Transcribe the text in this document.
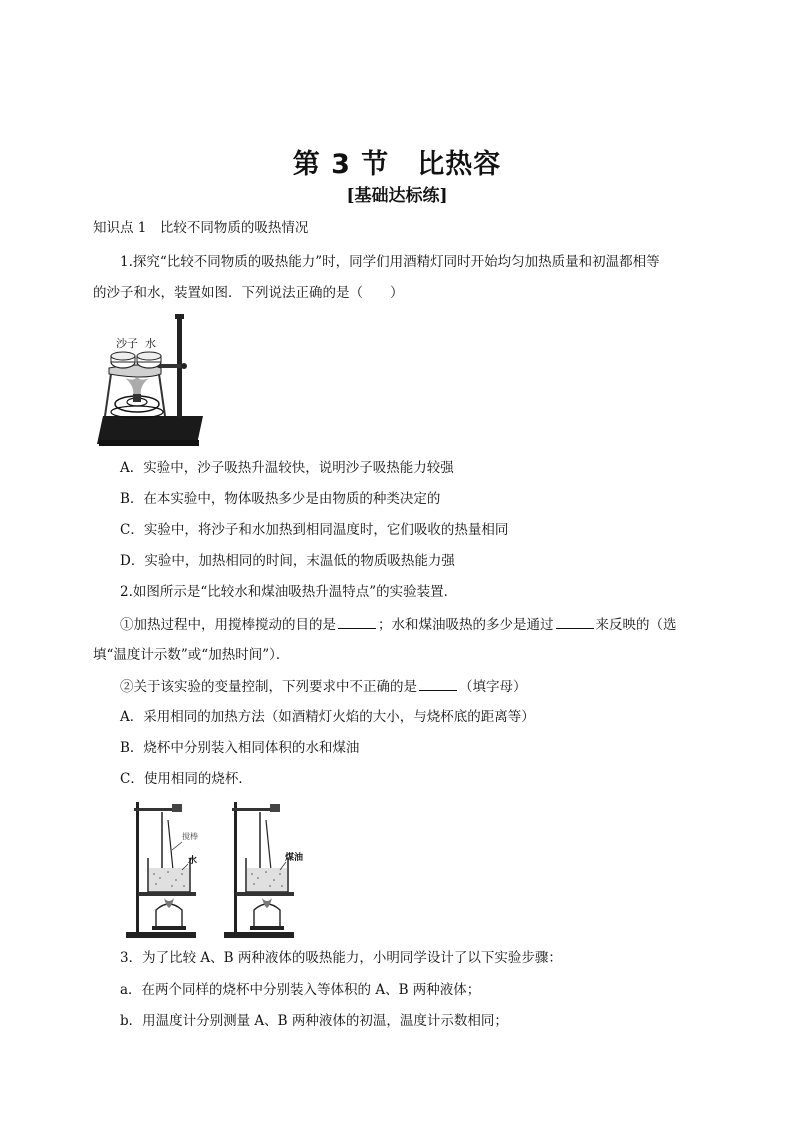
第 3 节　比热容
[基础达标练]
知识点 1　比较不同物质的吸热情况
1.探究“比较不同物质的吸热能力”时，同学们用酒精灯同时开始均匀加热质量和初温都相等
的沙子和水，装置如图．下列说法正确的是（　　）
沙子 水
A．实验中，沙子吸热升温较快，说明沙子吸热能力较强
B．在本实验中，物体吸热多少是由物质的种类决定的
C．实验中，将沙子和水加热到相同温度时，它们吸收的热量相同
D．实验中，加热相同的时间，末温低的物质吸热能力强
2.如图所示是“比较水和煤油吸热升温特点”的实验装置．
①加热过程中，用搅棒搅动的目的是	；水和煤油吸热的多少是通过	来反映的（选
填“温度计示数”或“加热时间”）．
②关于该实验的变量控制，下列要求中不正确的是	（填字母）
A．采用相同的加热方法（如酒精灯火焰的大小，与烧杯底的距离等）
B．烧杯中分别装入相同体积的水和煤油
C．使用相同的烧杯．
搅棒
水	煤油
3．为了比较 A、B 两种液体的吸热能力，小明同学设计了以下实验步骤：
a．在两个同样的烧杯中分别装入等体积的 A、B 两种液体；
b．用温度计分别测量 A、B 两种液体的初温，温度计示数相同；
